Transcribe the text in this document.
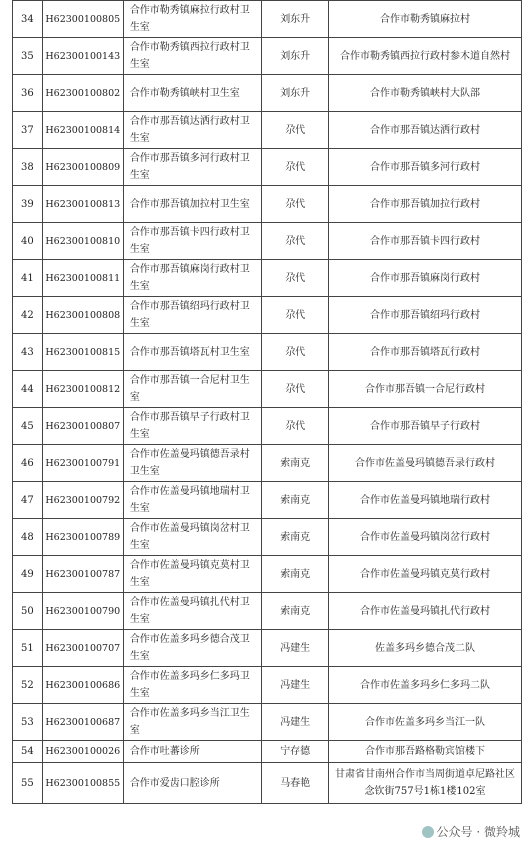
34	H62300100805	合作市勒秀镇麻拉行政村卫生室	刘东升	合作市勒秀镇麻拉村
35	H62300100143	合作市勒秀镇西拉行政村卫生室	刘东升	合作市勒秀镇西拉行政村参木道自然村
36	H62300100802	合作市勒秀镇峡村卫生室	刘东升	合作市勒秀镇峡村大队部
37	H62300100814	合作市那吾镇达洒行政村卫生室	尕代	合作市那吾镇达洒行政村
38	H62300100809	合作市那吾镇多河行政村卫生室	尕代	合作市那吾镇多河行政村
39	H62300100813	合作市那吾镇加拉村卫生室	尕代	合作市那吾镇加拉行政村
40	H62300100810	合作市那吾镇卡四行政村卫生室	尕代	合作市那吾镇卡四行政村
41	H62300100811	合作市那吾镇麻岗行政村卫生室	尕代	合作市那吾镇麻岗行政村
42	H62300100808	合作市那吾镇绍玛行政村卫生室	尕代	合作市那吾镇绍玛行政村
43	H62300100815	合作市那吾镇塔瓦村卫生室	尕代	合作市那吾镇塔瓦行政村
44	H62300100812	合作市那吾镇一合尼村卫生室	尕代	合作市那吾镇一合尼行政村
45	H62300100807	合作市那吾镇早子行政村卫生室	尕代	合作市那吾镇早子行政村
46	H62300100791	合作市佐盖曼玛镇德吾录村卫生室	索南克	合作市佐盖曼玛镇德吾录行政村
47	H62300100792	合作市佐盖曼玛镇地瑞村卫生室	索南克	合作市佐盖曼玛镇地瑞行政村
48	H62300100789	合作市佐盖曼玛镇岗岔村卫生室	索南克	合作市佐盖曼玛镇岗岔行政村
49	H62300100787	合作市佐盖曼玛镇克莫村卫生室	索南克	合作市佐盖曼玛镇克莫行政村
50	H62300100790	合作市佐盖曼玛镇扎代村卫生室	索南克	合作市佐盖曼玛镇扎代行政村
51	H62300100707	合作市佐盖多玛乡德合茂卫生室	冯建生	佐盖多玛乡德合茂二队
52	H62300100686	合作市佐盖多玛乡仁多玛卫生室	冯建生	合作市佐盖多玛乡仁多玛二队
53	H62300100687	合作市佐盖多玛乡当江卫生室	冯建生	合作市佐盖多玛乡当江一队
54	H62300100026	合作市吐蕃诊所	宁存德	合作市那吾路格勒宾馆楼下
55	H62300100855	合作市爱齿口腔诊所	马春艳	甘肃省甘南州合作市当周街道卓尼路社区念钦街757号1栋1楼102室
公众号 · 微羚城
